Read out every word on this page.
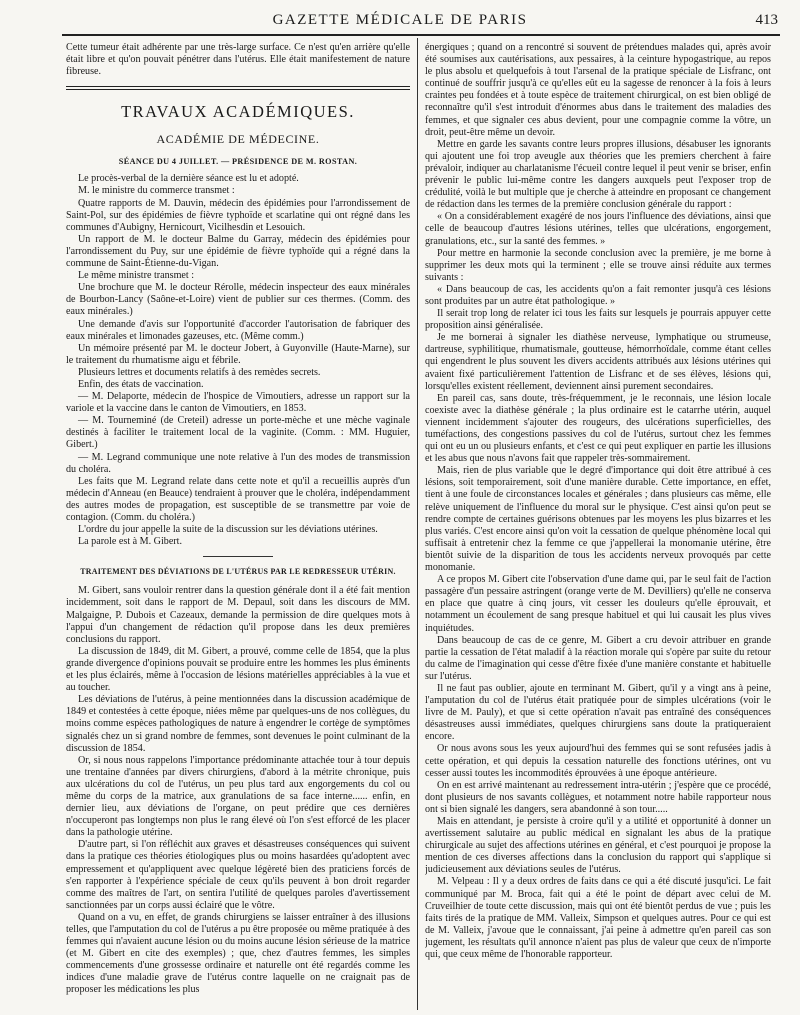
GAZETTE MÉDICALE DE PARIS	413

Cette tumeur était adhérente par une très-large surface. Ce n'est qu'en arrière qu'elle était libre et qu'on pouvait pénétrer dans l'utérus. Elle était manifestement de nature fibreuse.

TRAVAUX ACADÉMIQUES.
ACADÉMIE DE MÉDECINE.
SÉANCE DU 4 JUILLET. — PRÉSIDENCE DE M. ROSTAN.

Le procès-verbal de la dernière séance est lu et adopté.

M. le ministre du commerce transmet :

Quatre rapports de M. Dauvin, médecin des épidémies pour l'arrondissement de Saint-Pol, sur des épidémies de fièvre typhoïde et scarlatine qui ont régné dans les communes d'Aubigny, Hernicourt, Vicilhesdin et Lesouich.

Un rapport de M. le docteur Balme du Garray, médecin des épidémies pour l'arrondissement du Puy, sur une épidémie de fièvre typhoïde qui a régné dans la commune de Saint-Étienne-du-Vigan.

Le même ministre transmet :

Une brochure que M. le docteur Rérolle, médecin inspecteur des eaux minérales de Bourbon-Lancy (Saône-et-Loire) vient de publier sur ces thermes. (Comm. des eaux minérales.)

Une demande d'avis sur l'opportunité d'accorder l'autorisation de fabriquer des eaux minérales et limonades gazeuses, etc. (Même comm.)

Un mémoire présenté par M. le docteur Jobert, à Guyonville (Haute-Marne), sur le traitement du rhumatisme aigu et fébrile.

Plusieurs lettres et documents relatifs à des remèdes secrets.

Enfin, des états de vaccination.

— M. Delaporte, médecin de l'hospice de Vimoutiers, adresse un rapport sur la variole et la vaccine dans le canton de Vimoutiers, en 1853.

— M. Tourneminé (de Creteil) adresse un porte-mèche et une mèche vaginale destinés à faciliter le traitement local de la vaginite. (Comm. : MM. Huguier, Gibert.)

— M. Legrand communique une note relative à l'un des modes de transmission du choléra.

Les faits que M. Legrand relate dans cette note et qu'il a recueillis auprès d'un médecin d'Anneau (en Beauce) tendraient à prouver que le choléra, indépendamment des autres modes de propagation, est susceptible de se transmettre par voie de contagion. (Comm. du choléra.)

L'ordre du jour appelle la suite de la discussion sur les déviations utérines.

La parole est à M. Gibert.

TRAITEMENT DES DÉVIATIONS DE L'UTÉRUS PAR LE REDRESSEUR UTÉRIN.

M. Gibert, sans vouloir rentrer dans la question générale dont il a été fait mention incidemment, soit dans le rapport de M. Depaul, soit dans les discours de MM. Malgaigne, P. Dubois et Cazeaux, demande la permission de dire quelques mots à l'appui d'un changement de rédaction qu'il propose dans les deux premières conclusions du rapport.

La discussion de 1849, dit M. Gibert, a prouvé, comme celle de 1854, que la plus grande divergence d'opinions pouvait se produire entre les hommes les plus éminents et les plus éclairés, même à l'occasion de lésions matérielles appréciables à la vue et au toucher.

Les déviations de l'utérus, à peine mentionnées dans la discussion académique de 1849 et contestées à cette époque, niées même par quelques-uns de nos collègues, du moins comme espèces pathologiques de nature à engendrer le cortège de symptômes signalés chez un si grand nombre de femmes, sont devenues le point culminant de la discussion de 1854.

Or, si nous nous rappelons l'importance prédominante attachée tour à tour depuis une trentaine d'années par divers chirurgiens, d'abord à la métrite chronique, puis aux ulcérations du col de l'utérus, un peu plus tard aux engorgements du col ou même du corps de la matrice, aux granulations de sa face interne...... enfin, en dernier lieu, aux déviations de l'organe, on peut prédire que ces dernières n'occuperont pas longtemps non plus le rang élevé où l'on s'est efforcé de les placer dans la pathologie utérine.

D'autre part, si l'on réfléchit aux graves et désastreuses conséquences qui suivent dans la pratique ces théories étiologiques plus ou moins hasardées qu'adoptent avec empressement et qu'appliquent avec quelque légèreté bien des praticiens forcés de s'en rapporter à l'expérience spéciale de ceux qu'ils peuvent à bon droit regarder comme des maîtres de l'art, on sentira l'utilité de quelques paroles d'avertissement sanctionnées par un corps aussi éclairé que le vôtre.

Quand on a vu, en effet, de grands chirurgiens se laisser entraîner à des illusions telles, que l'amputation du col de l'utérus a pu être proposée ou même pratiquée à des femmes qui n'avaient aucune lésion ou du moins aucune lésion sérieuse de la matrice (et M. Gibert en cite des exemples) ; que, chez d'autres femmes, les simples commencements d'une grossesse ordinaire et naturelle ont été regardés comme les indices d'une maladie grave de l'utérus contre laquelle on ne craignait pas de proposer les médications les plus

énergiques ; quand on a rencontré si souvent de prétendues malades qui, après avoir été soumises aux cautérisations, aux pessaires, à la ceinture hypogastrique, au repos le plus absolu et quelquefois à tout l'arsenal de la pratique spéciale de Lisfranc, ont continué de souffrir jusqu'à ce qu'elles eût eu la sagesse de renoncer à la fois à leurs craintes peu fondées et à toute espèce de traitement chirurgical, on est bien obligé de reconnaître qu'il s'est introduit d'énormes abus dans le traitement des maladies des femmes, et que signaler ces abus devient, pour une compagnie comme la vôtre, un droit, peut-être même un devoir.

Mettre en garde les savants contre leurs propres illusions, désabuser les ignorants qui ajoutent une foi trop aveugle aux théories que les premiers cherchent à faire prévaloir, indiquer au charlatanisme l'écueil contre lequel il peut venir se briser, enfin prévenir le public lui-même contre les dangers auxquels peut l'exposer trop de crédulité, voilà le but multiple que je cherche à atteindre en proposant ce changement de rédaction dans les termes de la première conclusion générale du rapport :

« On a considérablement exagéré de nos jours l'influence des déviations, ainsi que celle de beaucoup d'autres lésions utérines, telles que ulcérations, engorgement, granulations, etc., sur la santé des femmes. »

Pour mettre en harmonie la seconde conclusion avec la première, je me borne à supprimer les deux mots qui la terminent ; elle se trouve ainsi réduite aux termes suivants :

« Dans beaucoup de cas, les accidents qu'on a fait remonter jusqu'à ces lésions sont produites par un autre état pathologique. »

Il serait trop long de relater ici tous les faits sur lesquels je pourrais appuyer cette proposition ainsi généralisée.

Je me bornerai à signaler les diathèse nerveuse, lymphatique ou strumeuse, dartreuse, syphilitique, rhumatismale, goutteuse, hémorrhoïdale, comme étant celles qui engendrent le plus souvent les divers accidents attribués aux lésions utérines qui avaient fixé particulièrement l'attention de Lisfranc et de ses élèves, lésions qui, lorsqu'elles existent réellement, deviennent ainsi purement secondaires.

En pareil cas, sans doute, très-fréquemment, je le reconnais, une lésion locale coexiste avec la diathèse générale ; la plus ordinaire est le catarrhe utérin, auquel viennent incidemment s'ajouter des rougeurs, des ulcérations superficielles, des tuméfactions, des congestions passives du col de l'utérus, surtout chez les femmes qui ont eu un ou plusieurs enfants, et c'est ce qui peut expliquer en partie les illusions et les abus que nous n'avons fait que rappeler très-sommairement.

Mais, rien de plus variable que le degré d'importance qui doit être attribué à ces lésions, soit temporairement, soit d'une manière durable. Cette importance, en effet, tient à une foule de circonstances locales et générales ; dans plusieurs cas même, elle relève uniquement de l'influence du moral sur le physique. C'est ainsi qu'on peut se rendre compte de certaines guérisons obtenues par les moyens les plus bizarres et les plus variés. C'est encore ainsi qu'on voit la cessation de quelque phénomène local qui suffisait à entretenir chez la femme ce que j'appellerai la monomanie utérine, être bientôt suivie de la disparition de tous les accidents nerveux provoqués par cette monomanie.

A ce propos M. Gibert cite l'observation d'une dame qui, par le seul fait de l'action passagère d'un pessaire astringent (orange verte de M. Devilliers) qu'elle ne conserva en place que quatre à cinq jours, vit cesser les douleurs qu'elle éprouvait, et notamment un écoulement de sang presque habituel et qui lui causait les plus vives inquiétudes.

Dans beaucoup de cas de ce genre, M. Gibert a cru devoir attribuer en grande partie la cessation de l'état maladif à la réaction morale qui s'opère par suite du retour du calme de l'imagination qui cesse d'être fixée d'une manière constante et habituelle sur l'utérus.

Il ne faut pas oublier, ajoute en terminant M. Gibert, qu'il y a vingt ans à peine, l'amputation du col de l'utérus était pratiquée pour de simples ulcérations (voir le livre de M. Pauly), et que si cette opération n'avait pas entraîné des conséquences désastreuses aussi immédiates, quelques chirurgiens sans doute la pratiqueraient encore.

Or nous avons sous les yeux aujourd'hui des femmes qui se sont refusées jadis à cette opération, et qui depuis la cessation naturelle des fonctions utérines, ont vu cesser aussi toutes les incommodités éprouvées à une époque antérieure.

On en est arrivé maintenant au redressement intra-utérin ; j'espère que ce procédé, dont plusieurs de nos savants collègues, et notamment notre habile rapporteur nous ont si bien signalé les dangers, sera abandonné à son tour.....

Mais en attendant, je persiste à croire qu'il y a utilité et opportunité à donner un avertissement salutaire au public médical en signalant les abus de la pratique chirurgicale au sujet des affections utérines en général, et c'est pourquoi je propose la mention de ces diverses affections dans la conclusion du rapport qui s'applique si judicieusement aux déviations seules de l'utérus.

M. Velpeau : Il y a deux ordres de faits dans ce qui a été discuté jusqu'ici. Le fait communiqué par M. Broca, fait qui a été le point de départ avec celui de M. Cruveilhier de toute cette discussion, mais qui ont été bientôt perdus de vue ; puis les faits tirés de la pratique de MM. Valleix, Simpson et quelques autres. Pour ce qui est de M. Valleix, j'avoue que le connaissant, j'ai peine à admettre qu'en pareil cas son jugement, les résultats qu'il annonce n'aient pas plus de valeur que ceux de n'importe qui, que ceux même de l'honorable rapporteur.
